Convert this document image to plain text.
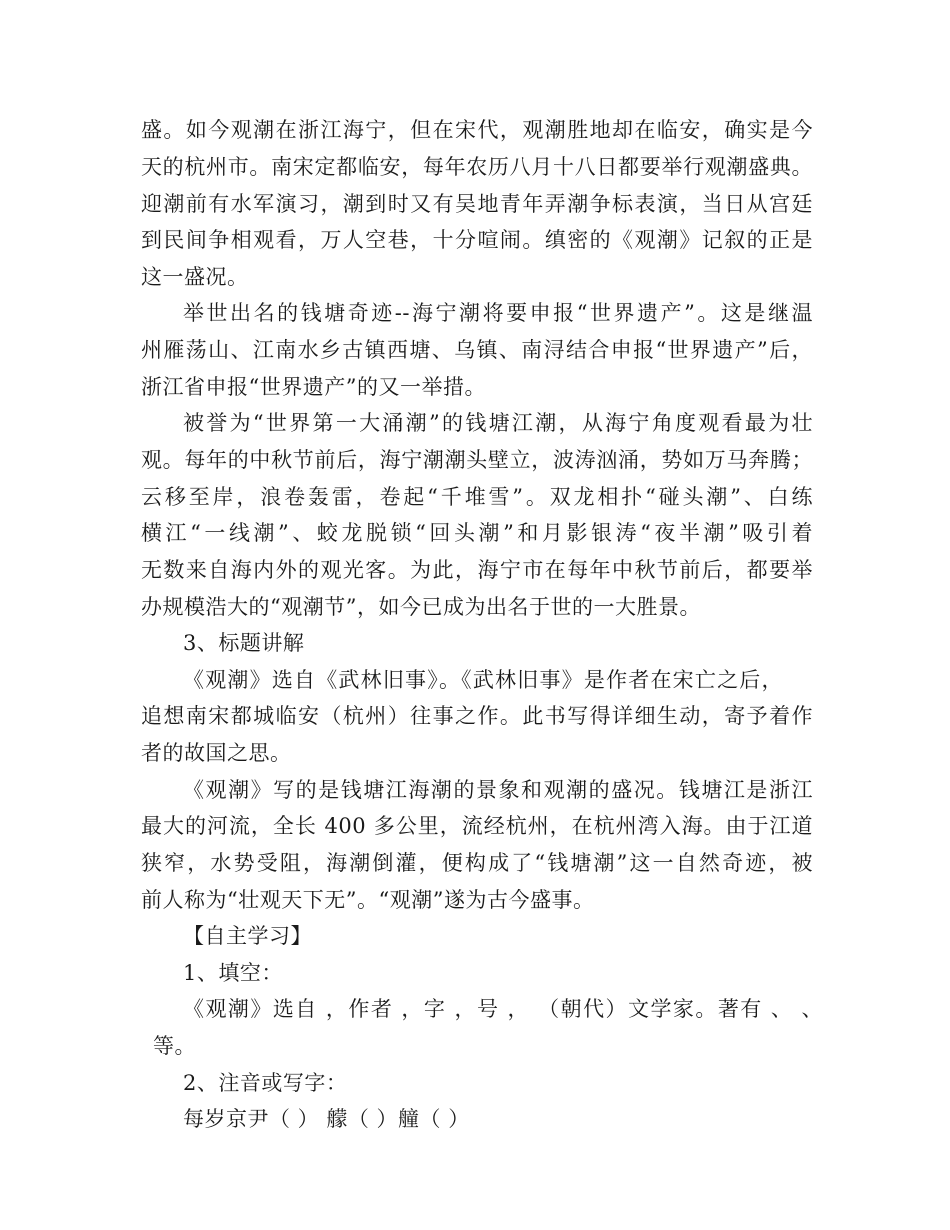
盛。如今观潮在浙江海宁，但在宋代，观潮胜地却在临安，确实是今
天的杭州市。南宋定都临安，每年农历八月十八日都要举行观潮盛典。
迎潮前有水军演习，潮到时又有吴地青年弄潮争标表演，当日从宫廷
到民间争相观看，万人空巷，十分喧闹。缜密的《观潮》记叙的正是
这一盛况。
举世出名的钱塘奇迹--海宁潮将要申报“世界遗产”。这是继温
州雁荡山、江南水乡古镇西塘、乌镇、南浔结合申报“世界遗产”后，
浙江省申报“世界遗产”的又一举措。
被誉为“世界第一大涌潮”的钱塘江潮，从海宁角度观看最为壮
观。每年的中秋节前后，海宁潮潮头壁立，波涛汹涌，势如万马奔腾；
云移至岸，浪卷轰雷，卷起“千堆雪”。双龙相扑“碰头潮”、白练
横江“一线潮”、蛟龙脱锁“回头潮”和月影银涛“夜半潮”吸引着
无数来自海内外的观光客。为此，海宁市在每年中秋节前后，都要举
办规模浩大的“观潮节”，如今已成为出名于世的一大胜景。
3、标题讲解
《观潮》选自《武林旧事》。《武林旧事》是作者在宋亡之后，
追想南宋都城临安（杭州）往事之作。此书写得详细生动，寄予着作
者的故国之思。
《观潮》写的是钱塘江海潮的景象和观潮的盛况。钱塘江是浙江
最大的河流，全长 400 多公里，流经杭州，在杭州湾入海。由于江道
狭窄，水势受阻，海潮倒灌，便构成了“钱塘潮”这一自然奇迹，被
前人称为“壮观天下无”。“观潮”遂为古今盛事。
【自主学习】
1、填空：
《观潮》选自 ，作者 ，字 ，号 ， （朝代）文学家。著有 、 、
等。
2、注音或写字：
每岁京尹（ ） 艨（ ）艟（ ）
